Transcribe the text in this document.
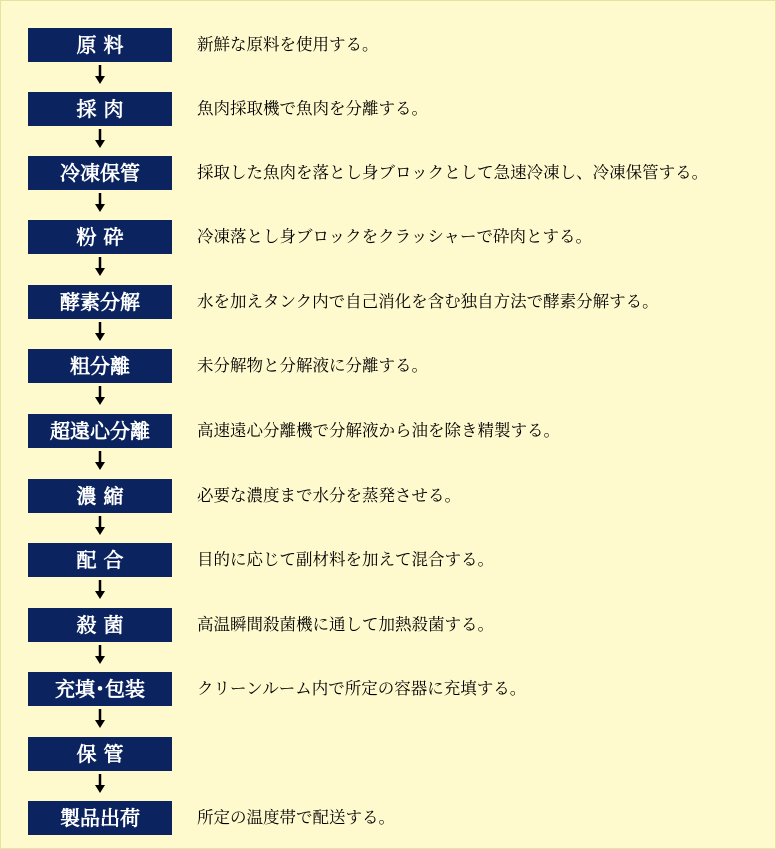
原 料	新鮮な原料を使用する。
採 肉	魚肉採取機で魚肉を分離する。
冷凍保管	採取した魚肉を落とし身ブロックとして急速冷凍し、冷凍保管する。
粉 砕	冷凍落とし身ブロックをクラッシャーで砕肉とする。
酵素分解	水を加えタンク内で自己消化を含む独自方法で酵素分解する。
粗分離	未分解物と分解液に分離する。
超遠心分離	高速遠心分離機で分解液から油を除き精製する。
濃 縮	必要な濃度まで水分を蒸発させる。
配 合	目的に応じて副材料を加えて混合する。
殺 菌	高温瞬間殺菌機に通して加熱殺菌する。
充填･包装	クリーンルーム内で所定の容器に充填する。
保 管
製品出荷	所定の温度帯で配送する。
